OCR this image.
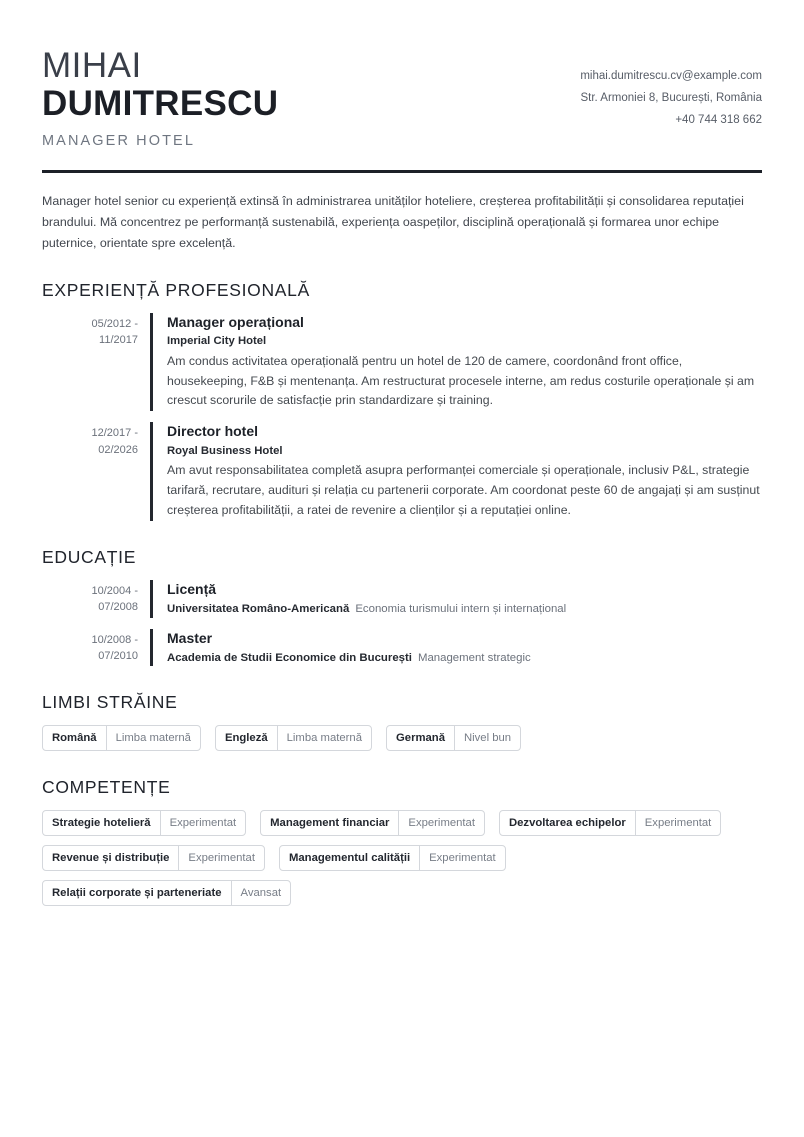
MIHAI
DUMITRESCU
MANAGER HOTEL
mihai.dumitrescu.cv@example.com
Str. Armoniei 8, București, România
+40 744 318 662
Manager hotel senior cu experiență extinsă în administrarea unităților hoteliere, creșterea profitabilității și consolidarea reputației brandului. Mă concentrez pe performanță sustenabilă, experiența oaspeților, disciplină operațională și formarea unor echipe puternice, orientate spre excelență.
EXPERIENȚĂ PROFESIONALĂ
05/2012 -
11/2017
Manager operațional
Imperial City Hotel
Am condus activitatea operațională pentru un hotel de 120 de camere, coordonând front office, housekeeping, F&B și mentenanța. Am restructurat procesele interne, am redus costurile operaționale și am crescut scorurile de satisfacție prin standardizare și training.
12/2017 -
02/2026
Director hotel
Royal Business Hotel
Am avut responsabilitatea completă asupra performanței comerciale și operaționale, inclusiv P&L, strategie tarifară, recrutare, audituri și relația cu partenerii corporate. Am coordonat peste 60 de angajați și am susținut creșterea profitabilității, a ratei de revenire a clienților și a reputației online.
EDUCAȚIE
10/2004 -
07/2008
Licență
Universitatea Româno-Americană Economia turismului intern și internațional
10/2008 -
07/2010
Master
Academia de Studii Economice din București Management strategic
LIMBI STRĂINE
Română	Limba maternă	Engleză	Limba maternă	Germană	Nivel bun
COMPETENȚE
Strategie hotelieră	Experimentat	Management financiar	Experimentat	Dezvoltarea echipelor	Experimentat
Revenue și distribuție	Experimentat	Managementul calității	Experimentat
Relații corporate și parteneriate	Avansat
